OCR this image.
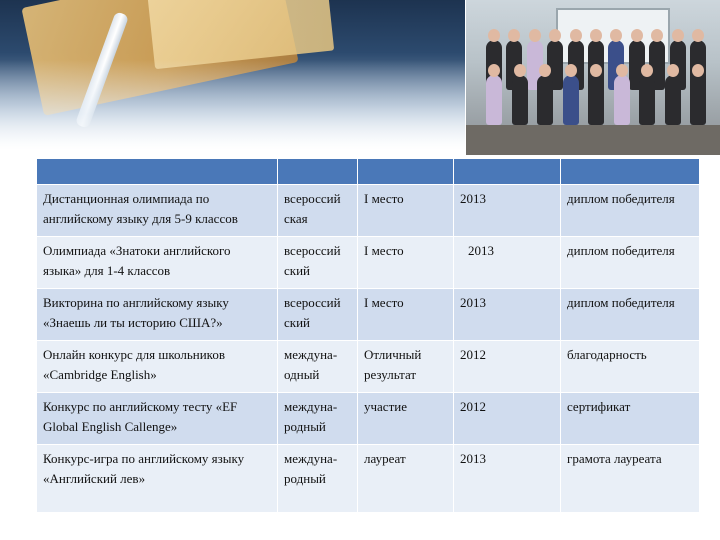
Дистанционная олимпиада по английскому языку для 5-9 классов	всероссий ская	I место	2013	диплом победителя
Олимпиада «Знатоки английского языка» для 1-4 классов	всероссий ский	I место	2013	диплом победителя
Викторина по английскому языку «Знаешь ли ты историю США?»	всероссий ский	I место	2013	диплом победителя
Онлайн конкурс для школьников «Cambridge English»	междуна- одный	Отличный результат	2012	благодарность
Конкурс по английскому тесту «EF Global English Callenge»	междуна- родный	участие	2012	сертификат
Конкурс-игра по английскому языку «Английский лев»	междуна- родный	лауреат	2013	грамота лауреата
